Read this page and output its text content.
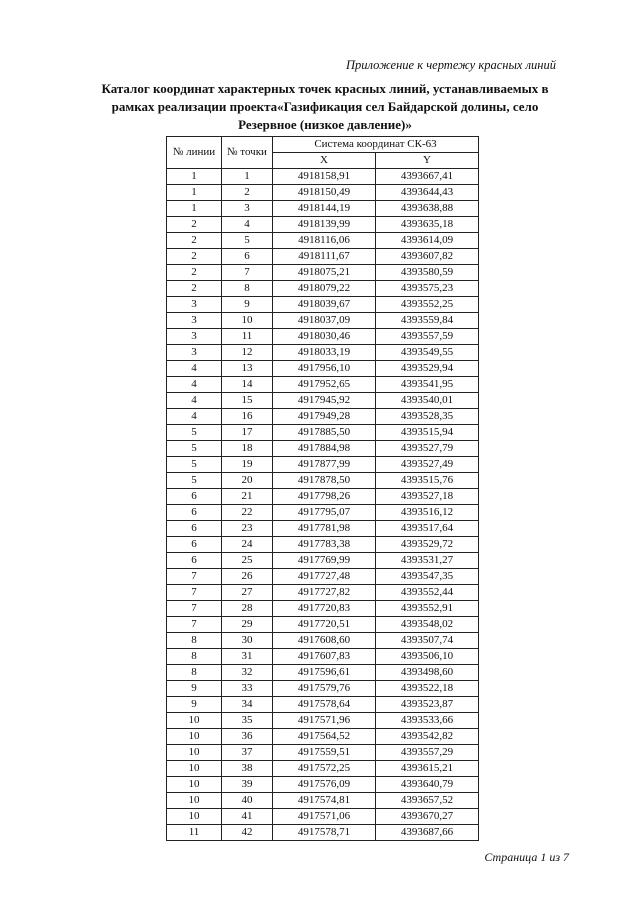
Приложение к чертежу красных линий
Каталог координат характерных точек красных линий, устанавливаемых в
рамках реализации проекта«Газификация сел Байдарской долины, село
Резервное (низкое давление)»
№ линии	№ точки	Система координат СК-63	
		X	Y
1	1	4918158,91	4393667,41
1	2	4918150,49	4393644,43
1	3	4918144,19	4393638,88
2	4	4918139,99	4393635,18
2	5	4918116,06	4393614,09
2	6	4918111,67	4393607,82
2	7	4918075,21	4393580,59
2	8	4918079,22	4393575,23
3	9	4918039,67	4393552,25
3	10	4918037,09	4393559,84
3	11	4918030,46	4393557,59
3	12	4918033,19	4393549,55
4	13	4917956,10	4393529,94
4	14	4917952,65	4393541,95
4	15	4917945,92	4393540,01
4	16	4917949,28	4393528,35
5	17	4917885,50	4393515,94
5	18	4917884,98	4393527,79
5	19	4917877,99	4393527,49
5	20	4917878,50	4393515,76
6	21	4917798,26	4393527,18
6	22	4917795,07	4393516,12
6	23	4917781,98	4393517,64
6	24	4917783,38	4393529,72
6	25	4917769,99	4393531,27
7	26	4917727,48	4393547,35
7	27	4917727,82	4393552,44
7	28	4917720,83	4393552,91
7	29	4917720,51	4393548,02
8	30	4917608,60	4393507,74
8	31	4917607,83	4393506,10
8	32	4917596,61	4393498,60
9	33	4917579,76	4393522,18
9	34	4917578,64	4393523,87
10	35	4917571,96	4393533,66
10	36	4917564,52	4393542,82
10	37	4917559,51	4393557,29
10	38	4917572,25	4393615,21
10	39	4917576,09	4393640,79
10	40	4917574,81	4393657,52
10	41	4917571,06	4393670,27
11	42	4917578,71	4393687,66
Страница 1 из 7
